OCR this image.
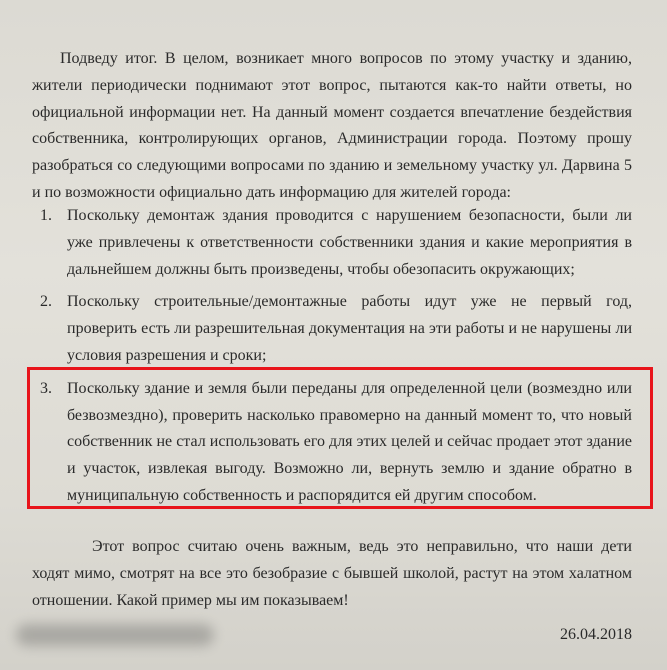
Подведу итог. В целом, возникает много вопросов по этому участку и зданию, жители периодически поднимают этот вопрос, пытаются как-то найти ответы, но официальной информации нет. На данный момент создается впечатление бездействия собственника, контролирующих органов, Администрации города. Поэтому прошу разобраться со следующими вопросами по зданию и земельному участку ул. Дарвина 5 и по возможности официально дать информацию для жителей города:

1. Поскольку демонтаж здания проводится с нарушением безопасности, были ли уже привлечены к ответственности собственники здания и какие мероприятия в дальнейшем должны быть произведены, чтобы обезопасить окружающих;
2. Поскольку строительные/демонтажные работы идут уже не первый год, проверить есть ли разрешительная документация на эти работы и не нарушены ли условия разрешения и сроки;
3. Поскольку здание и земля были переданы для определенной цели (возмездно или безвозмездно), проверить насколько правомерно на данный момент то, что новый собственник не стал использовать его для этих целей и сейчас продает этот здание и участок, извлекая выгоду. Возможно ли, вернуть землю и здание обратно в муниципальную собственность и распорядится ей другим способом.

Этот вопрос считаю очень важным, ведь это неправильно, что наши дети ходят мимо, смотрят на все это безобразие с бывшей школой, растут на этом халатном отношении. Какой пример мы им показываем!

26.04.2018
